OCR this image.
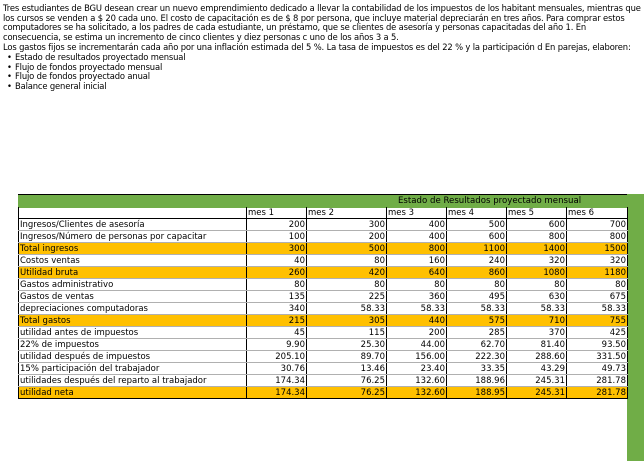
Tres estudiantes de BGU desean crear un nuevo emprendimiento dedicado a llevar la contabilidad de los impuestos de los habitant mensuales, mientras que los cursos se venden a $ 20 cada uno. El costo de capacitación es de $ 8 por persona, que incluye material depreciarán en tres años. Para comprar estos computadores se ha solicitado, a los padres de cada estudiante, un préstamo, que se clientes de asesoría y personas capacitadas del año 1. En consecuencia, se estima un incremento de cinco clientes y diez personas c uno de los años 3 a 5.
Los gastos fijos se incrementarán cada año por una inflación estimada del 5 %. La tasa de impuestos es del 22 % y la participación d En parejas, elaboren:
• Estado de resultados proyectado mensual
• Flujo de fondos proyectado mensual
• Flujo de fondos proyectado anual
• Balance general inicial
Estado de Resultados proyectado mensual
	mes 1	mes 2	mes 3	mes 4	mes 5	mes 6
Ingresos/Clientes de asesoría	200	300	400	500	600	700
Ingresos/Número de personas por capacitar	100	200	400	600	800	800
Total ingresos	300	500	800	1100	1400	1500
Costos ventas	40	80	160	240	320	320
Utilidad bruta	260	420	640	860	1080	1180
Gastos administrativo	80	80	80	80	80	80
Gastos de ventas	135	225	360	495	630	675
depreciaciones computadoras	340	58.33	58.33	58.33	58.33	58.33
Total gastos	215	305	440	575	710	755
utilidad antes de impuestos	45	115	200	285	370	425
22% de impuestos	9.90	25.30	44.00	62.70	81.40	93.50
utilidad después de impuestos	205.10	89.70	156.00	222.30	288.60	331.50
15% participación del trabajador	30.76	13.46	23.40	33.35	43.29	49.73
utilidades después del reparto al trabajador	174.34	76.25	132.60	188.96	245.31	281.78
utilidad neta	174.34	76.25	132.60	188.95	245.31	281.78
